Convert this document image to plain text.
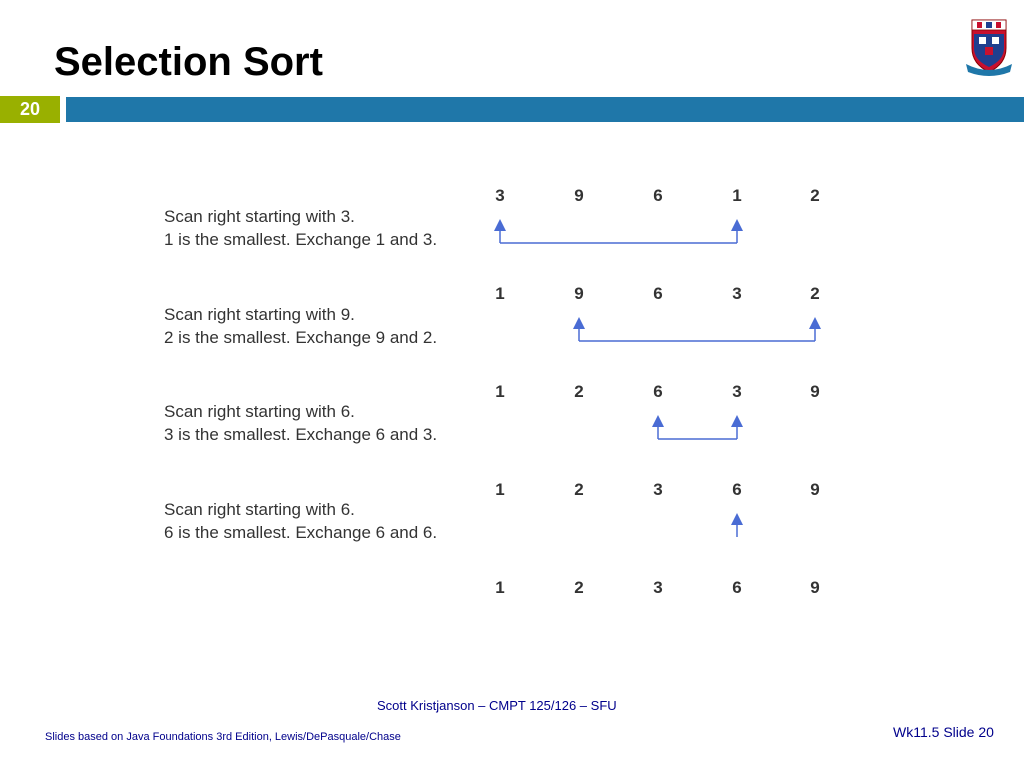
Selection Sort
20
Scan right starting with 3.
1 is the smallest. Exchange 1 and 3.
Scan right starting with 9.
2 is the smallest. Exchange 9 and 2.
Scan right starting with 6.
3 is the smallest. Exchange 6 and 3.
Scan right starting with 6.
6 is the smallest. Exchange 6 and 6.
3	9	6	1	2
1	9	6	3	2
1	2	6	3	9
1	2	3	6	9
1	2	3	6	9
Scott Kristjanson – CMPT 125/126 – SFU
Slides based on Java Foundations 3rd Edition, Lewis/DePasquale/Chase	Wk11.5 Slide 20
